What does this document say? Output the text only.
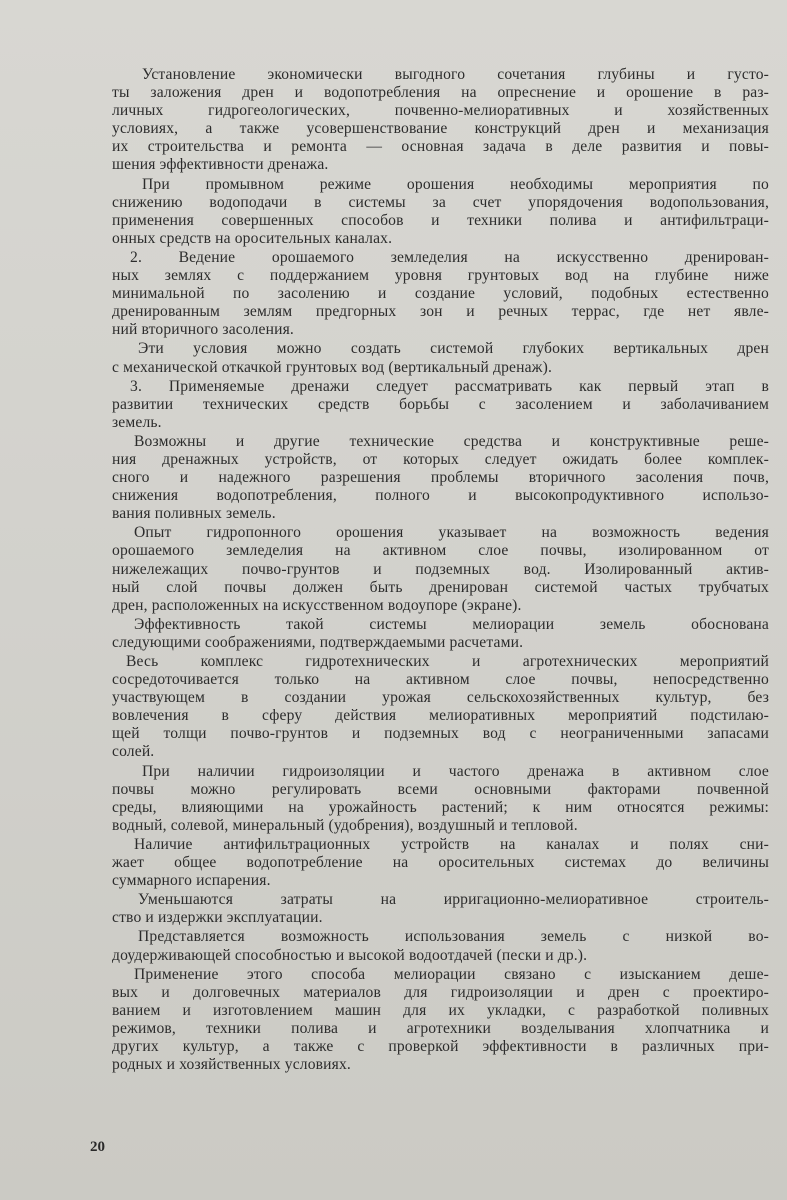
Установление экономически выгодного сочетания глубины и густо-
ты заложения дрен и водопотребления на опреснение и орошение в раз-
личных гидрогеологических, почвенно-мелиоративных и хозяйственных
условиях, а также усовершенствование конструкций дрен и механизация
их строительства и ремонта — основная задача в деле развития и повы-
шения эффективности дренажа.
При промывном режиме орошения необходимы мероприятия по
снижению водоподачи в системы за счет упорядочения водопользования,
применения совершенных способов и техники полива и антифильтраци-
онных средств на оросительных каналах.
2. Ведение орошаемого земледелия на искусственно дренирован-
ных землях с поддержанием уровня грунтовых вод на глубине ниже
минимальной по засолению и создание условий, подобных естественно
дренированным землям предгорных зон и речных террас, где нет явле-
ний вторичного засоления.
Эти условия можно создать системой глубоких вертикальных дрен
с механической откачкой грунтовых вод (вертикальный дренаж).
3. Применяемые дренажи следует рассматривать как первый этап в
развитии технических средств борьбы с засолением и заболачиванием
земель.
Возможны и другие технические средства и конструктивные реше-
ния дренажных устройств, от которых следует ожидать более комплек-
сного и надежного разрешения проблемы вторичного засоления почв,
снижения водопотребления, полного и высокопродуктивного использо-
вания поливных земель.
Опыт гидропонного орошения указывает на возможность ведения
орошаемого земледелия на активном слое почвы, изолированном от
нижележащих почво-грунтов и подземных вод. Изолированный актив-
ный слой почвы должен быть дренирован системой частых трубчатых
дрен, расположенных на искусственном водоупоре (экране).
Эффективность такой системы мелиорации земель обоснована
следующими соображениями, подтверждаемыми расчетами.
Весь комплекс гидротехнических и агротехнических мероприятий
сосредоточивается только на активном слое почвы, непосредственно
участвующем в создании урожая сельскохозяйственных культур, без
вовлечения в сферу действия мелиоративных мероприятий подстилаю-
щей толщи почво-грунтов и подземных вод с неограниченными запасами
солей.
При наличии гидроизоляции и частого дренажа в активном слое
почвы можно регулировать всеми основными факторами почвенной
среды, влияющими на урожайность растений; к ним относятся режимы:
водный, солевой, минеральный (удобрения), воздушный и тепловой.
Наличие антифильтрационных устройств на каналах и полях сни-
жает общее водопотребление на оросительных системах до величины
суммарного испарения.
Уменьшаются затраты на ирригационно-мелиоративное строитель-
ство и издержки эксплуатации.
Представляется возможность использования земель с низкой во-
доудерживающей способностью и высокой водоотдачей (пески и др.).
Применение этого способа мелиорации связано с изысканием деше-
вых и долговечных материалов для гидроизоляции и дрен с проектиро-
ванием и изготовлением машин для их укладки, с разработкой поливных
режимов, техники полива и агротехники возделывания хлопчатника и
других культур, а также с проверкой эффективности в различных при-
родных и хозяйственных условиях.
20
